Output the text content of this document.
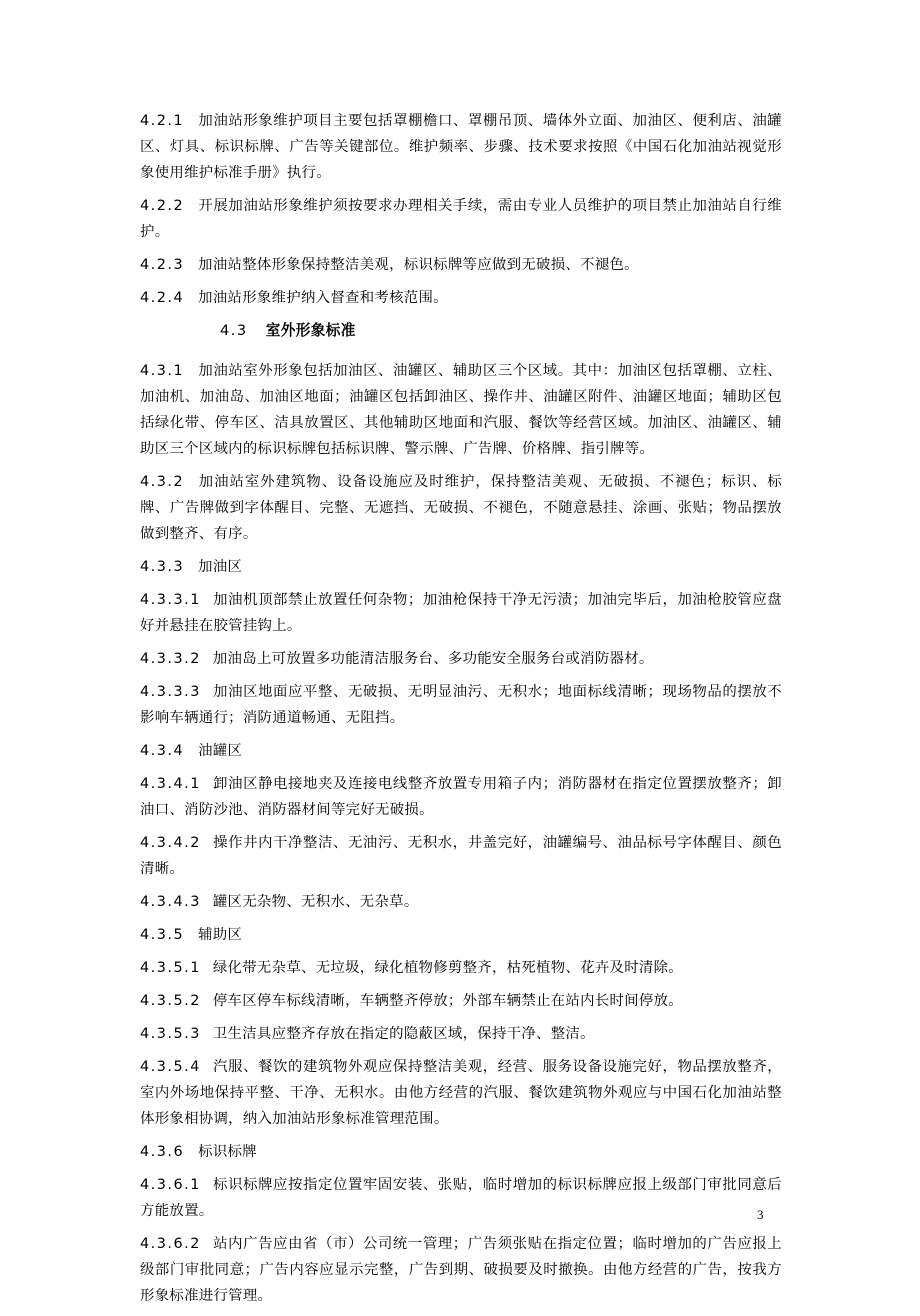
4.2.1 加油站形象维护项目主要包括罩棚檐口、罩棚吊顶、墙体外立面、加油区、便利店、油罐区、灯具、标识标牌、广告等关键部位。维护频率、步骤、技术要求按照《中国石化加油站视觉形象使用维护标准手册》执行。

4.2.2 开展加油站形象维护须按要求办理相关手续，需由专业人员维护的项目禁止加油站自行维护。

4.2.3 加油站整体形象保持整洁美观，标识标牌等应做到无破损、不褪色。

4.2.4 加油站形象维护纳入督查和考核范围。

4.3 室外形象标准

4.3.1 加油站室外形象包括加油区、油罐区、辅助区三个区域。其中：加油区包括罩棚、立柱、加油机、加油岛、加油区地面；油罐区包括卸油区、操作井、油罐区附件、油罐区地面；辅助区包括绿化带、停车区、洁具放置区、其他辅助区地面和汽服、餐饮等经营区域。加油区、油罐区、辅助区三个区域内的标识标牌包括标识牌、警示牌、广告牌、价格牌、指引牌等。

4.3.2 加油站室外建筑物、设备设施应及时维护，保持整洁美观、无破损、不褪色；标识、标牌、广告牌做到字体醒目、完整、无遮挡、无破损、不褪色，不随意悬挂、涂画、张贴；物品摆放做到整齐、有序。

4.3.3 加油区

4.3.3.1 加油机顶部禁止放置任何杂物；加油枪保持干净无污渍；加油完毕后，加油枪胶管应盘好并悬挂在胶管挂钩上。

4.3.3.2 加油岛上可放置多功能清洁服务台、多功能安全服务台或消防器材。

4.3.3.3 加油区地面应平整、无破损、无明显油污、无积水；地面标线清晰；现场物品的摆放不影响车辆通行；消防通道畅通、无阻挡。

4.3.4 油罐区

4.3.4.1 卸油区静电接地夹及连接电线整齐放置专用箱子内；消防器材在指定位置摆放整齐；卸油口、消防沙池、消防器材间等完好无破损。

4.3.4.2 操作井内干净整洁、无油污、无积水，井盖完好，油罐编号、油品标号字体醒目、颜色清晰。

4.3.4.3 罐区无杂物、无积水、无杂草。

4.3.5 辅助区

4.3.5.1 绿化带无杂草、无垃圾，绿化植物修剪整齐，枯死植物、花卉及时清除。

4.3.5.2 停车区停车标线清晰，车辆整齐停放；外部车辆禁止在站内长时间停放。

4.3.5.3 卫生洁具应整齐存放在指定的隐蔽区域，保持干净、整洁。

4.3.5.4 汽服、餐饮的建筑物外观应保持整洁美观，经营、服务设备设施完好，物品摆放整齐，室内外场地保持平整、干净、无积水。由他方经营的汽服、餐饮建筑物外观应与中国石化加油站整体形象相协调，纳入加油站形象标准管理范围。

4.3.6 标识标牌

4.3.6.1 标识标牌应按指定位置牢固安装、张贴，临时增加的标识标牌应报上级部门审批同意后方能放置。

4.3.6.2 站内广告应由省（市）公司统一管理；广告须张贴在指定位置；临时增加的广告应报上级部门审批同意；广告内容应显示完整，广告到期、破损要及时撤换。由他方经营的广告，按我方形象标准进行管理。

3
